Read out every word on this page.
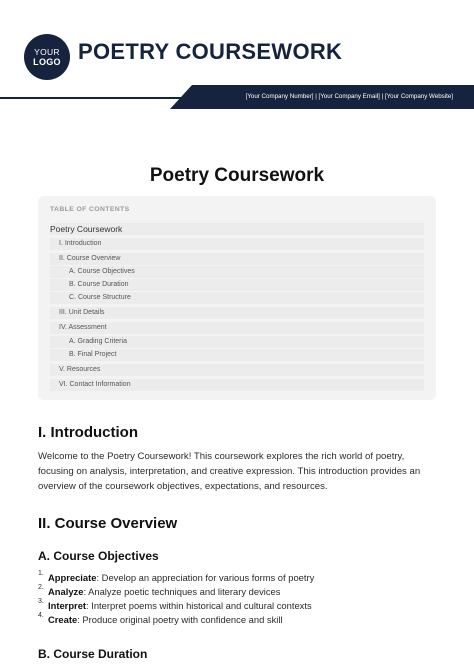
YOUR
LOGO POETRY COURSEWORK
[Your Company Number] | [Your Company Email] | [Your Company Website]
Poetry Coursework
TABLE OF CONTENTS
Poetry Coursework
I. Introduction
II. Course Overview
A. Course Objectives
B. Course Duration
C. Course Structure
III. Unit Details
IV. Assessment
A. Grading Criteria
B. Final Project
V. Resources
VI. Contact Information
I. Introduction
Welcome to the Poetry Coursework! This coursework explores the rich world of poetry, focusing on analysis, interpretation, and creative expression. This introduction provides an overview of the coursework objectives, expectations, and resources.
II. Course Overview
A. Course Objectives
1. Appreciate: Develop an appreciation for various forms of poetry
2. Analyze: Analyze poetic techniques and literary devices
3. Interpret: Interpret poems within historical and cultural contexts
4. Create: Produce original poetry with confidence and skill
B. Course Duration
